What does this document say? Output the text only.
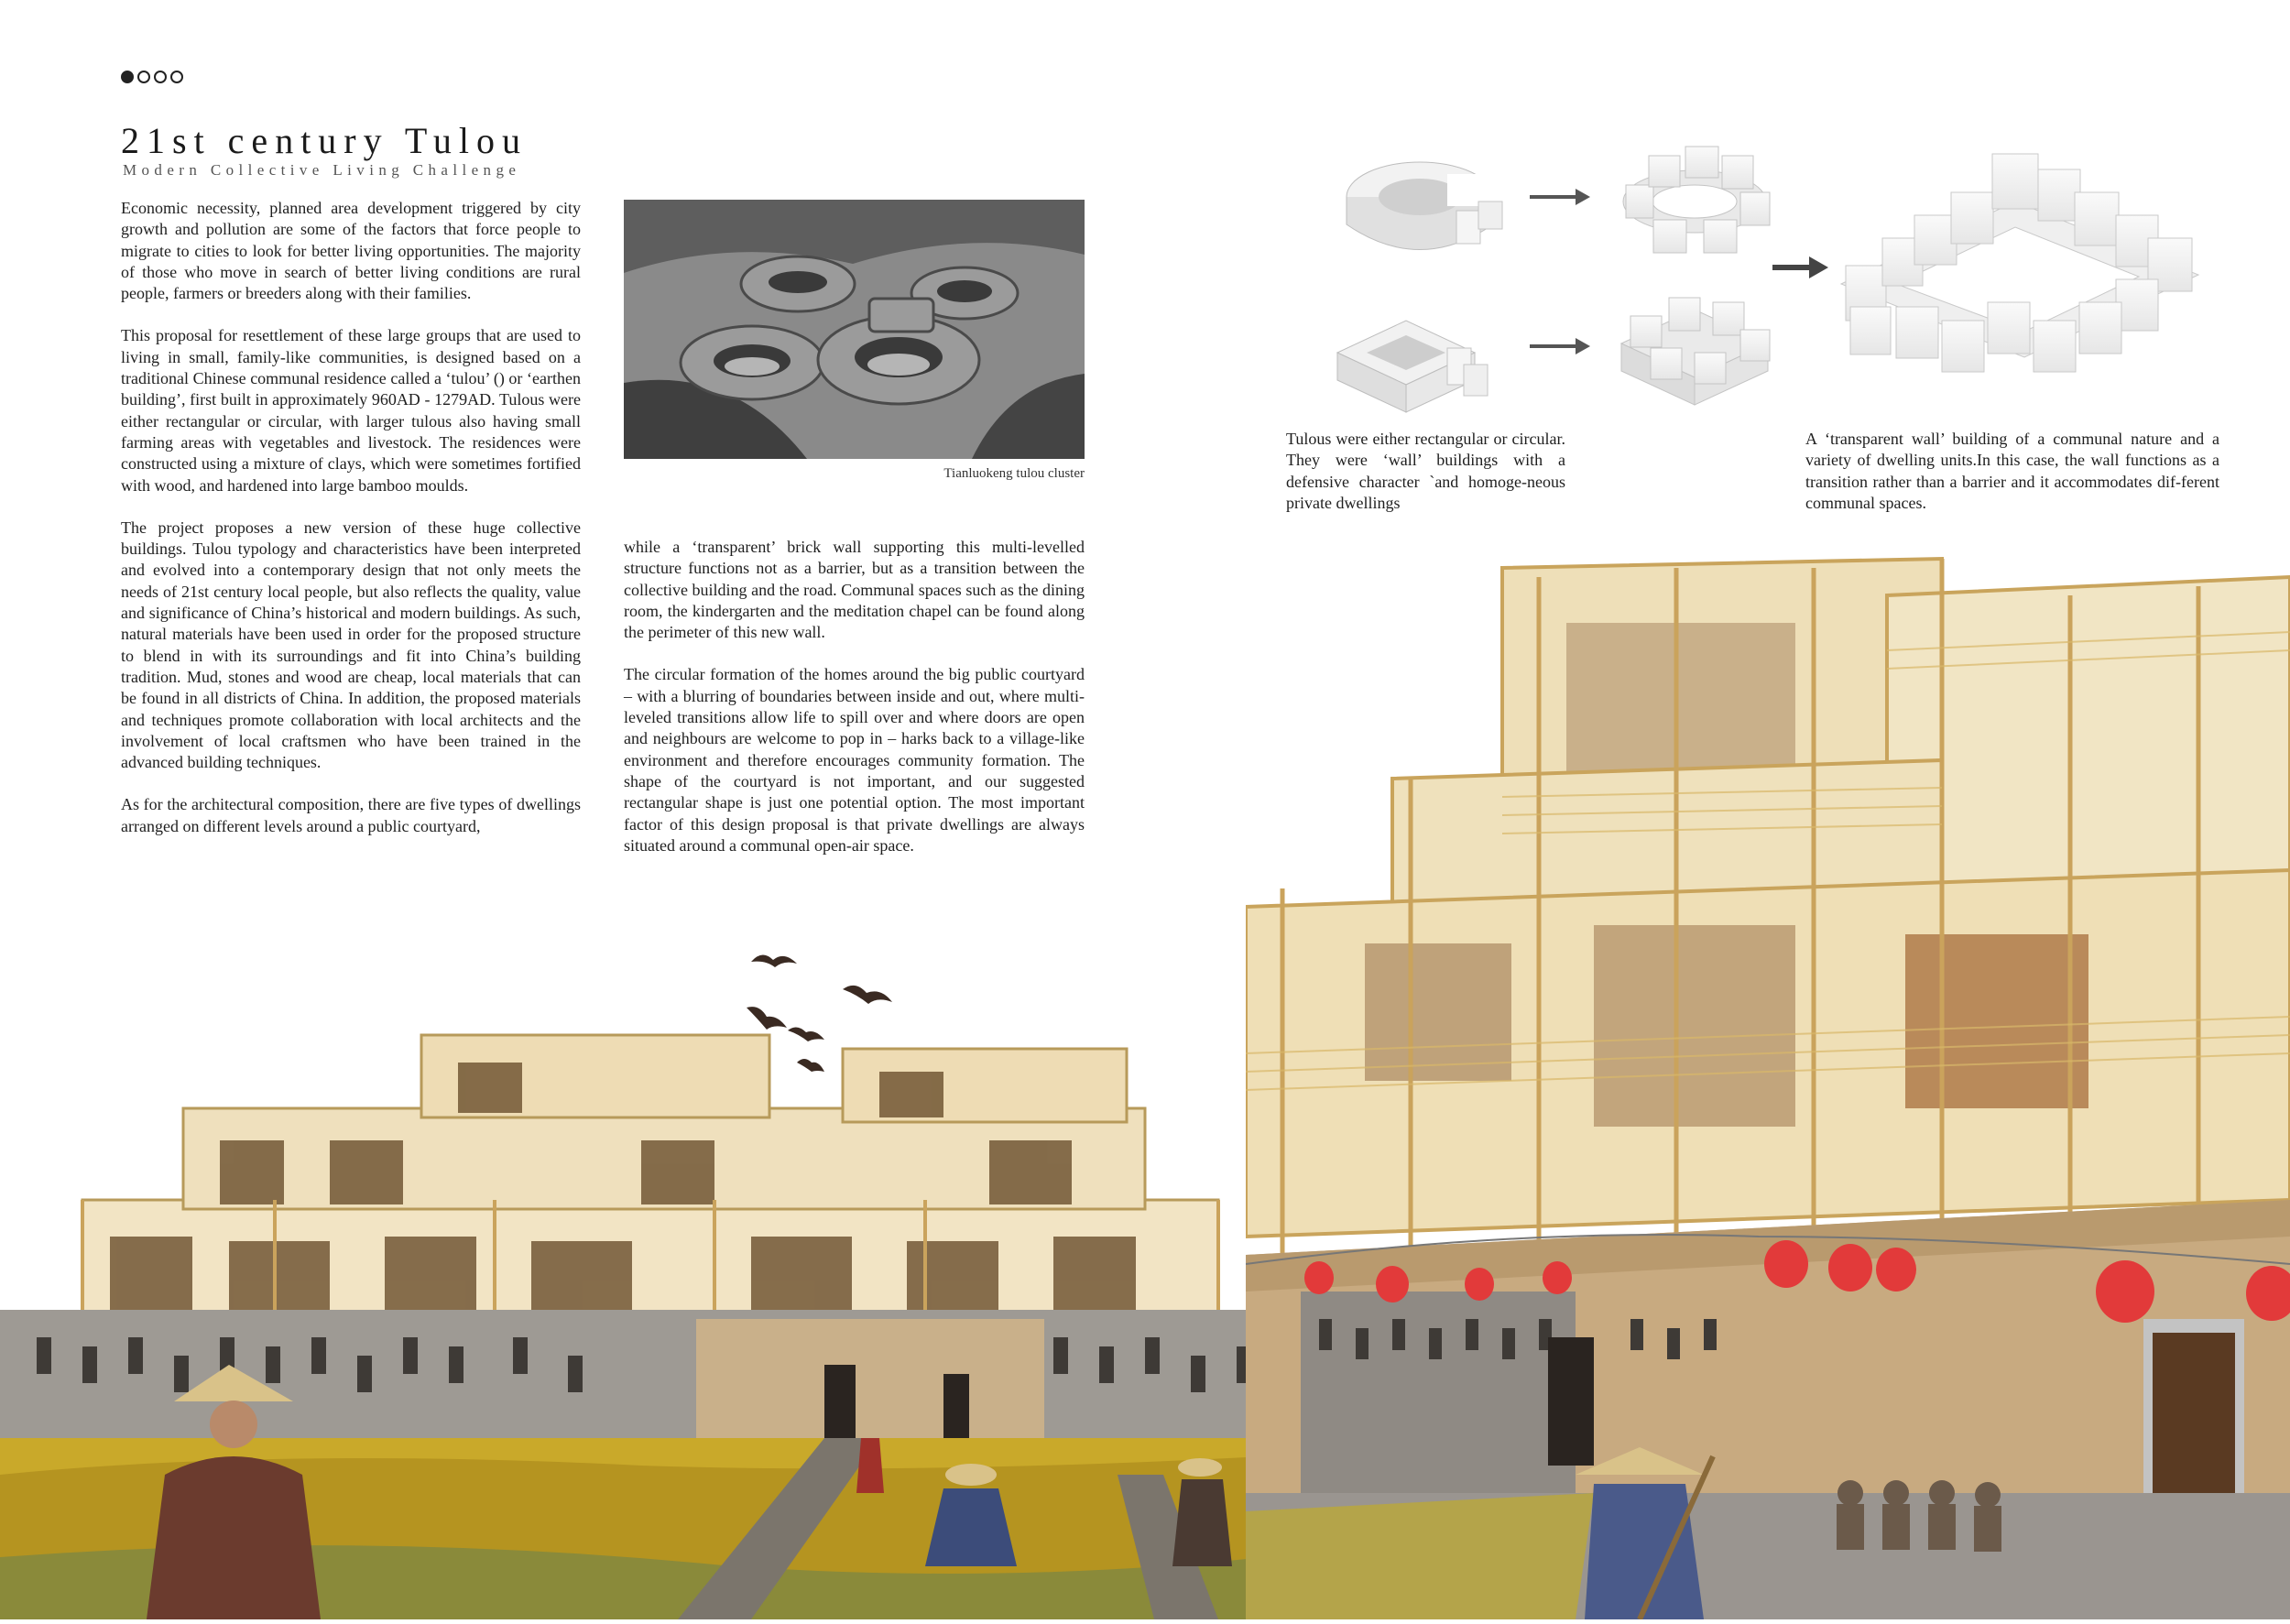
21st century Tulou
Modern Collective Living Challenge

Economic necessity, planned area development triggered by city growth and pollution are some of the factors that force people to migrate to cities to look for better living opportunities. The majority of those who move in search of better living conditions are rural people, farmers or breeders along with their families.

This proposal for resettlement of these large groups that are used to living in small, family-like communities, is designed based on a traditional Chinese communal residence called a ‘tulou’ () or ‘earthen building’, first built in approximately 960AD - 1279AD. Tulous were either rectangular or circular, with larger tulous also having small farming areas with vegetables and livestock. The residences were constructed using a mixture of clays, which were sometimes fortified with wood, and hardened into large bamboo moulds.

The project proposes a new version of these huge collective buildings. Tulou typology and characteristics have been interpreted and evolved into a contemporary design that not only meets the needs of 21st century local people, but also reflects the quality, value and significance of China’s historical and modern buildings. As such, natural materials have been used in order for the proposed structure to blend in with its surroundings and fit into China’s building tradition. Mud, stones and wood are cheap, local materials that can be found in all districts of China. In addition, the proposed materials and techniques promote collaboration with local architects and the involvement of local craftsmen who have been trained in the advanced building techniques.

As for the architectural composition, there are five types of dwellings arranged on different levels around a public courtyard,

Tianluokeng tulou cluster

while a ‘transparent’ brick wall supporting this multi-levelled structure functions not as a barrier, but as a transition between the collective building and the road. Communal spaces such as the dining room, the kindergarten and the meditation chapel can be found along the perimeter of this new wall.

The circular formation of the homes around the big public courtyard – with a blurring of boundaries between inside and out, where multi-leveled transitions allow life to spill over and where doors are open and neighbours are welcome to pop in – harks back to a village-like environment and therefore encourages community formation. The shape of the courtyard is not important, and our suggested rectangular shape is just one potential option. The most important factor of this design proposal is that private dwellings are always situated around a communal open-air space.

Tulous were either rectangular or circular. They were ‘wall’ buildings with a defensive character `and homoge-neous private dwellings
A ‘transparent wall’ building of a communal nature and a variety of dwelling units.In this case, the wall functions as a transition rather than a barrier and it accommodates dif-ferent communal spaces.
